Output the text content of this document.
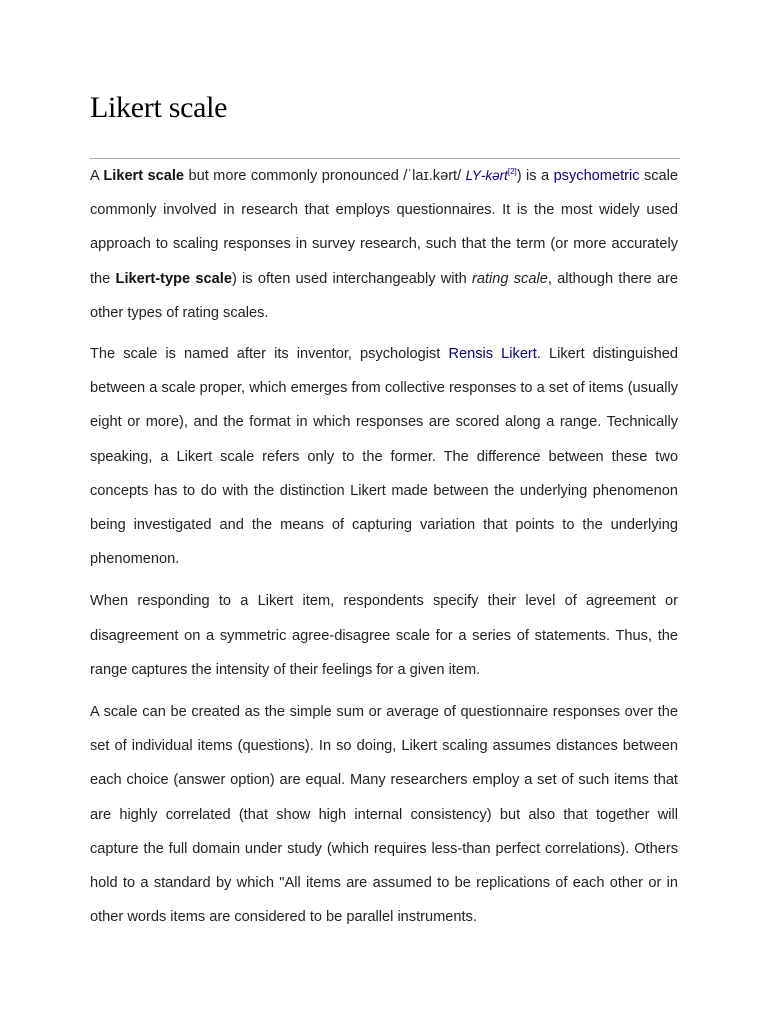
Likert scale

A Likert scale but more commonly pronounced /ˈlaɪ.kərt/ LY-kərt[2]) is a psychometric scale commonly involved in research that employs questionnaires. It is the most widely used approach to scaling responses in survey research, such that the term (or more accurately the Likert-type scale) is often used interchangeably with rating scale, although there are other types of rating scales.

The scale is named after its inventor, psychologist Rensis Likert. Likert distinguished between a scale proper, which emerges from collective responses to a set of items (usually eight or more), and the format in which responses are scored along a range. Technically speaking, a Likert scale refers only to the former. The difference between these two concepts has to do with the distinction Likert made between the underlying phenomenon being investigated and the means of capturing variation that points to the underlying phenomenon.

When responding to a Likert item, respondents specify their level of agreement or disagreement on a symmetric agree-disagree scale for a series of statements. Thus, the range captures the intensity of their feelings for a given item.

A scale can be created as the simple sum or average of questionnaire responses over the set of individual items (questions). In so doing, Likert scaling assumes distances between each choice (answer option) are equal. Many researchers employ a set of such items that are highly correlated (that show high internal consistency) but also that together will capture the full domain under study (which requires less-than perfect correlations). Others hold to a standard by which "All items are assumed to be replications of each other or in other words items are considered to be parallel instruments.
